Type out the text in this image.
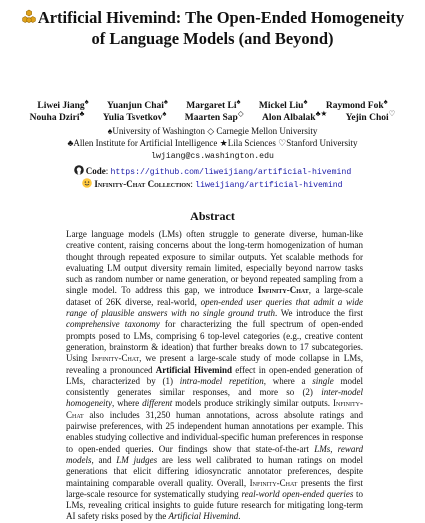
Artificial Hivemind: The Open-Ended Homogeneity
of Language Models (and Beyond)
Liwei Jiang♠ Yuanjun Chai♠ Margaret Li♠ Mickel Liu♠ Raymond Fok♠
Nouha Dziri♣ Yulia Tsvetkov♠ Maarten Sap◇ Alon Albalak♣★ Yejin Choi♡
♠University of Washington ◇ Carnegie Mellon University
♣Allen Institute for Artificial Intelligence ★Lila Sciences ♡Stanford University
lwjiang@cs.washington.edu
Code: https://github.com/liweijiang/artificial-hivemind
Infinity-Chat Collection: liweijiang/artificial-hivemind
Abstract
Large language models (LMs) often struggle to generate diverse, human-like creative content, raising concerns about the long-term homogenization of human thought through repeated exposure to similar outputs. Yet scalable methods for evaluating LM output diversity remain limited, especially beyond narrow tasks such as random number or name generation, or beyond repeated sampling from a single model. To address this gap, we introduce Infinity-Chat, a large-scale dataset of 26K diverse, real-world, open-ended user queries that admit a wide range of plausible answers with no single ground truth. We introduce the first comprehensive taxonomy for characterizing the full spectrum of open-ended prompts posed to LMs, comprising 6 top-level categories (e.g., creative content generation, brainstorm & ideation) that further breaks down to 17 subcategories. Using Infinity-Chat, we present a large-scale study of mode collapse in LMs, revealing a pronounced Artificial Hivemind effect in open-ended generation of LMs, characterized by (1) intra-model repetition, where a single model consistently generates similar responses, and more so (2) inter-model homogeneity, where different models produce strikingly similar outputs. Infinity-Chat also includes 31,250 human annotations, across absolute ratings and pairwise preferences, with 25 independent human annotations per example. This enables studying collective and individual-specific human preferences in response to open-ended queries. Our findings show that state-of-the-art LMs, reward models, and LM judges are less well calibrated to human ratings on model generations that elicit differing idiosyncratic annotator preferences, despite maintaining comparable overall quality. Overall, Infinity-Chat presents the first large-scale resource for systematically studying real-world open-ended queries to LMs, revealing critical insights to guide future research for mitigating long-term AI safety risks posed by the Artificial Hivemind.
